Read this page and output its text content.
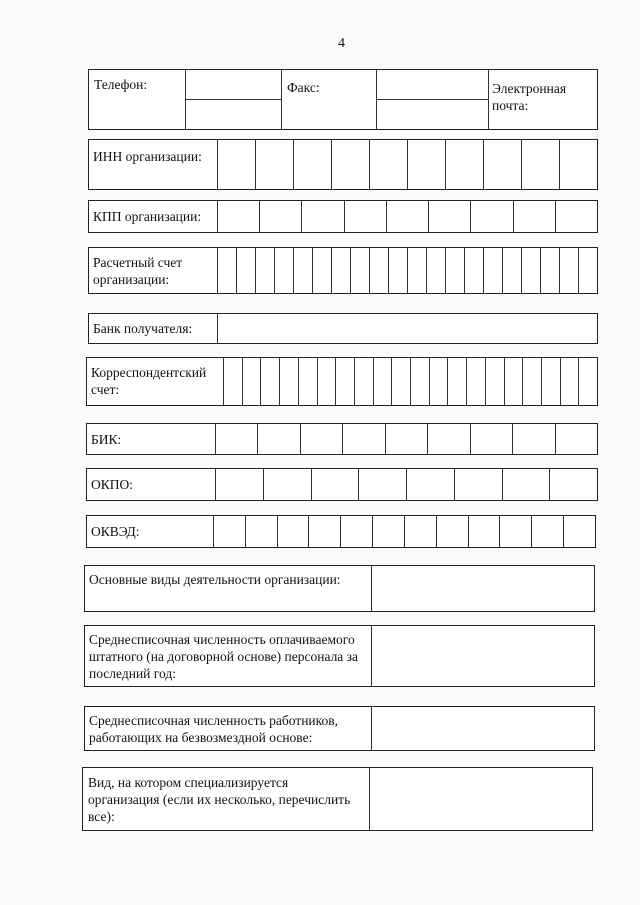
4
Телефон:	Факс:	Электронная почта:
ИНН организации:
КПП организации:
Расчетный счет организации:
Банк получателя:
Корреспондентский счет:
БИК:
ОКПО:
ОКВЭД:
Основные виды деятельности организации:
Среднесписочная численность оплачиваемого штатного (на договорной основе) персонала за последний год:
Среднесписочная численность работников, работающих на безвозмездной основе:
Вид, на котором специализируется организация (если их несколько, перечислить все):
